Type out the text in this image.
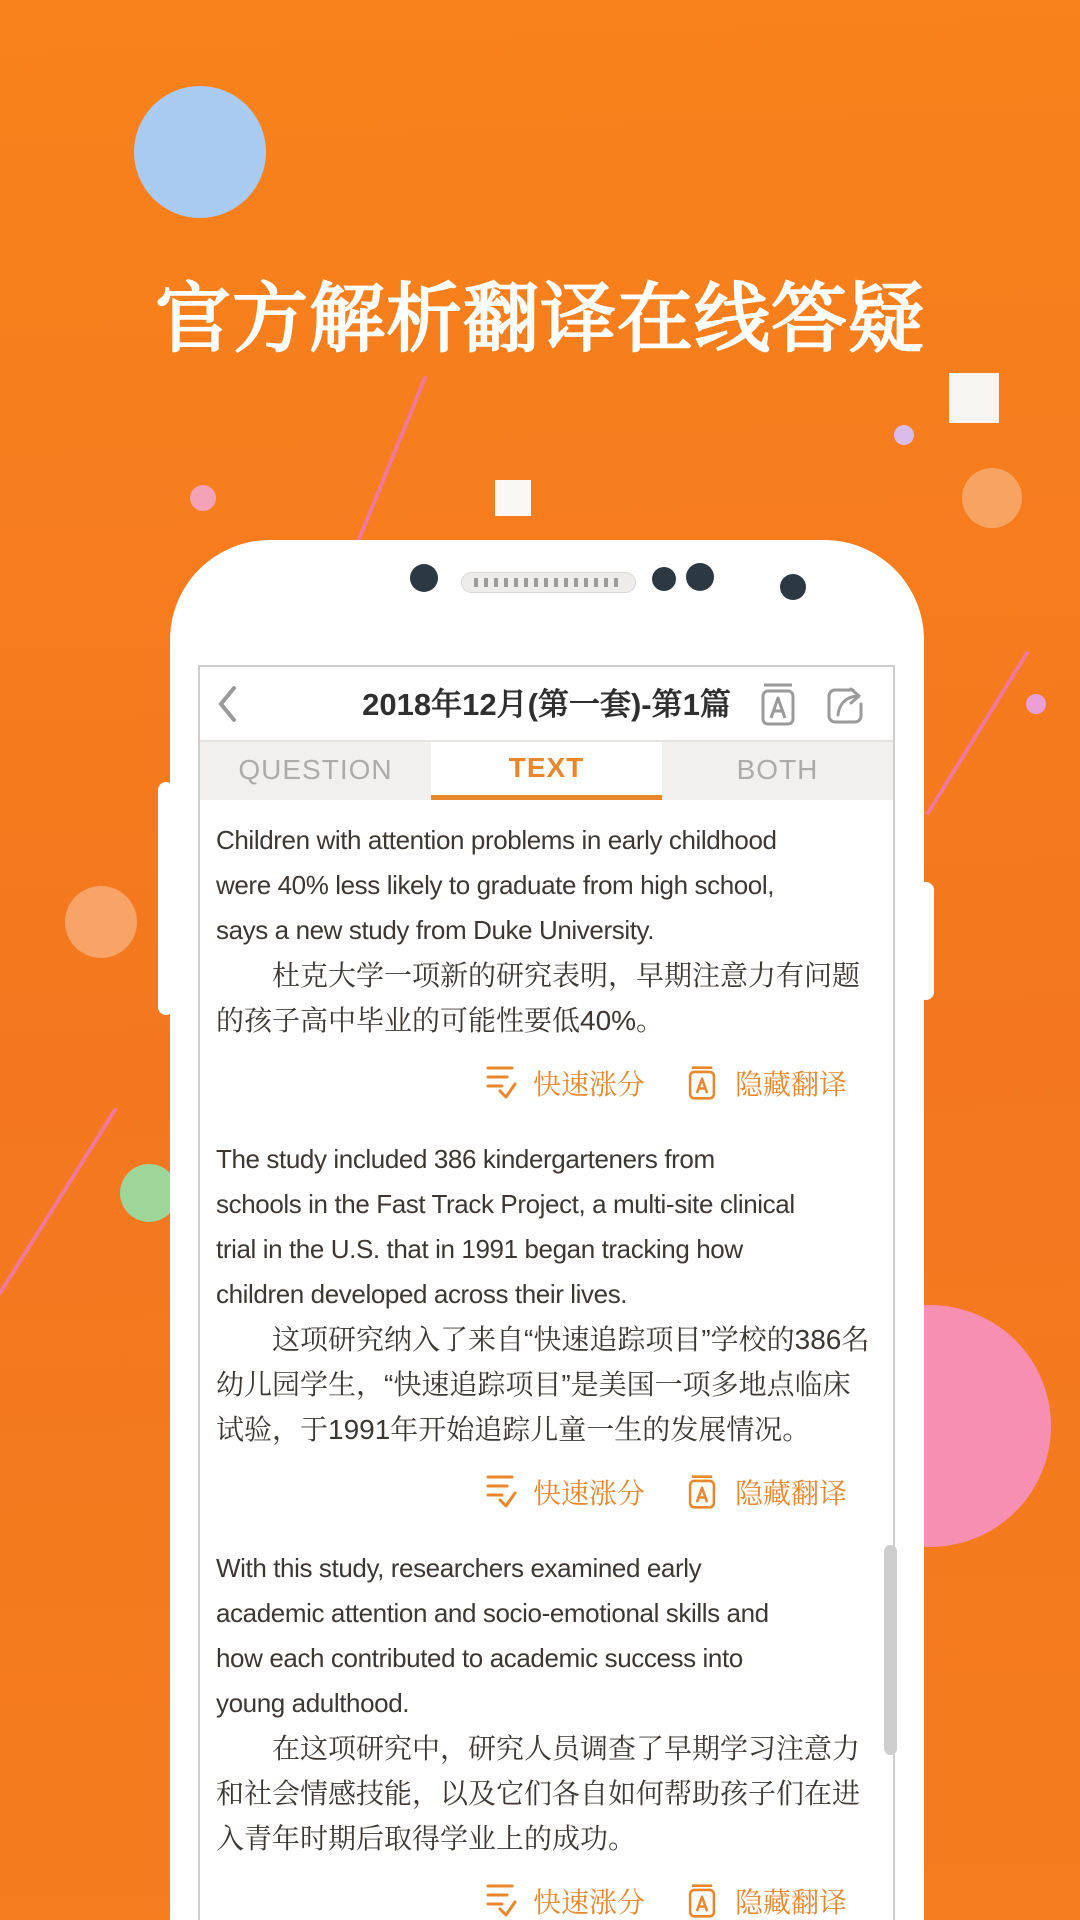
官方解析翻译在线答疑
2018年12月(第一套)-第1篇
QUESTION	TEXT	BOTH
Children with attention problems in early childhood
were 40% less likely to graduate from high school,
says a new study from Duke University.
　　杜克大学一项新的研究表明，早期注意力有问题
的孩子高中毕业的可能性要低40%。
快速涨分	隐藏翻译
The study included 386 kindergarteners from
schools in the Fast Track Project, a multi-site clinical
trial in the U.S. that in 1991 began tracking how
children developed across their lives.
　　这项研究纳入了来自“快速追踪项目”学校的386名
幼儿园学生，“快速追踪项目”是美国一项多地点临床
试验，于1991年开始追踪儿童一生的发展情况。
快速涨分	隐藏翻译
With this study, researchers examined early
academic attention and socio-emotional skills and
how each contributed to academic success into
young adulthood.
　　在这项研究中，研究人员调查了早期学习注意力
和社会情感技能，以及它们各自如何帮助孩子们在进
入青年时期后取得学业上的成功。
快速涨分	隐藏翻译
